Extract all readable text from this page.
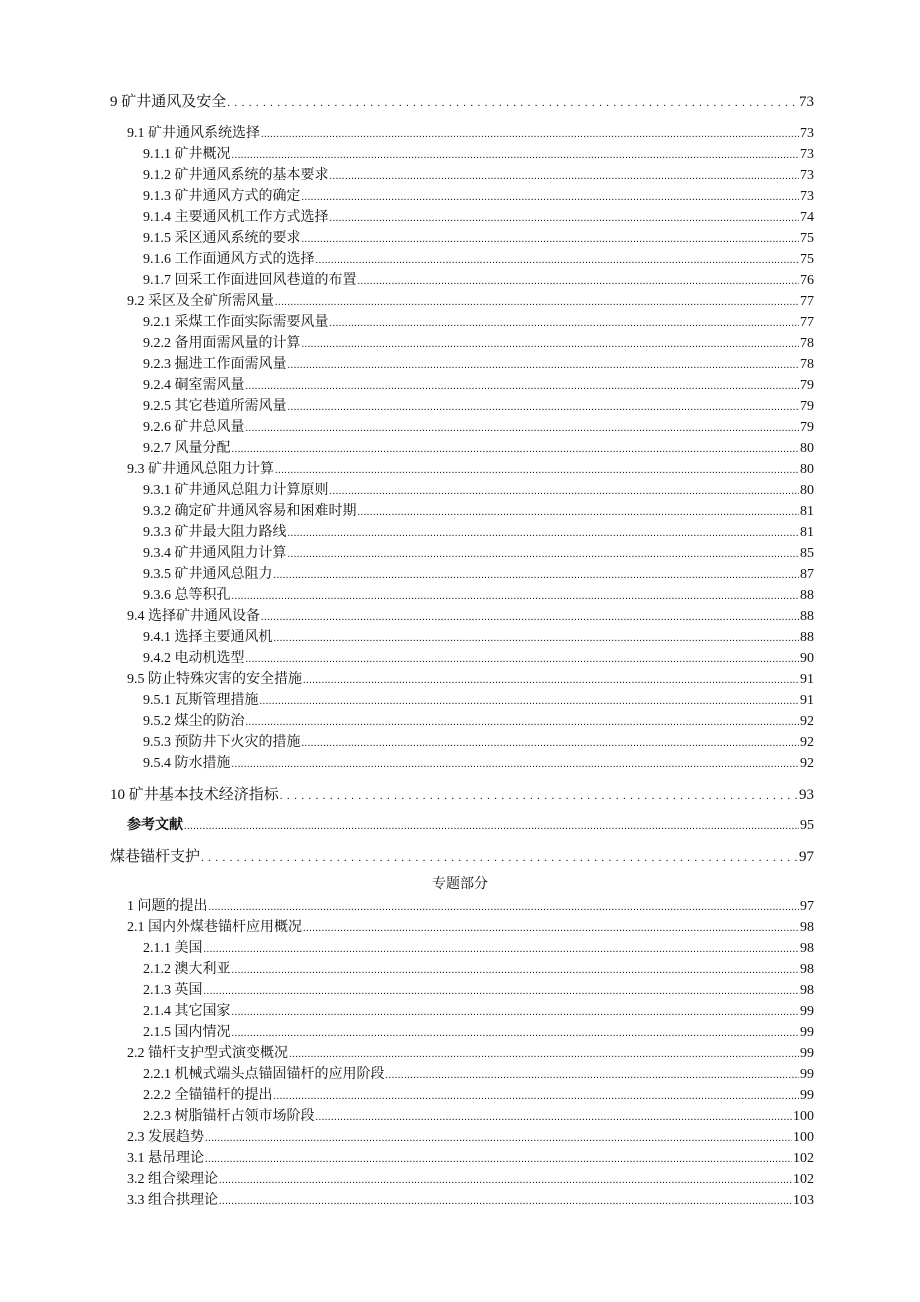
9 矿井通风及安全 .....	73
9.1 矿井通风系统选择 .....	73
9.1.1 矿井概况 .....	73
9.1.2 矿井通风系统的基本要求 .....	73
9.1.3 矿井通风方式的确定 .....	73
9.1.4 主要通风机工作方式选择 .....	74
9.1.5 采区通风系统的要求 .....	75
9.1.6 工作面通风方式的选择 .....	75
9.1.7 回采工作面进回风巷道的布置 .....	76
9.2 采区及全矿所需风量 .....	77
9.2.1 采煤工作面实际需要风量 .....	77
9.2.2 备用面需风量的计算 .....	78
9.2.3 掘进工作面需风量 .....	78
9.2.4 硐室需风量 .....	79
9.2.5 其它巷道所需风量 .....	79
9.2.6 矿井总风量 .....	79
9.2.7 风量分配 .....	80
9.3 矿井通风总阻力计算 .....	80
9.3.1 矿井通风总阻力计算原则 .....	80
9.3.2 确定矿井通风容易和困难时期 .....	81
9.3.3 矿井最大阻力路线 .....	81
9.3.4 矿井通风阻力计算 .....	85
9.3.5 矿井通风总阻力 .....	87
9.3.6 总等积孔 .....	88
9.4 选择矿井通风设备 .....	88
9.4.1 选择主要通风机 .....	88
9.4.2 电动机选型 .....	90
9.5 防止特殊灾害的安全措施 .....	91
9.5.1 瓦斯管理措施 .....	91
9.5.2 煤尘的防治 .....	92
9.5.3 预防井下火灾的措施 .....	92
9.5.4 防水措施 .....	92
10 矿井基本技术经济指标 .....	93
参考文献 .....	95
煤巷锚杆支护 .....	97
专题部分
1 问题的提出 .....	97
2.1 国内外煤巷锚杆应用概况 .....	98
2.1.1 美国 .....	98
2.1.2 澳大利亚 .....	98
2.1.3 英国 .....	98
2.1.4 其它国家 .....	99
2.1.5 国内情况 .....	99
2.2 锚杆支护型式演变概况 .....	99
2.2.1 机械式端头点锚固锚杆的应用阶段 .....	99
2.2.2 全锚锚杆的提出 .....	99
2.2.3 树脂锚杆占领市场阶段 .....	100
2.3 发展趋势 .....	100
3.1 悬吊理论 .....	102
3.2 组合梁理论 .....	102
3.3 组合拱理论 .....	103
